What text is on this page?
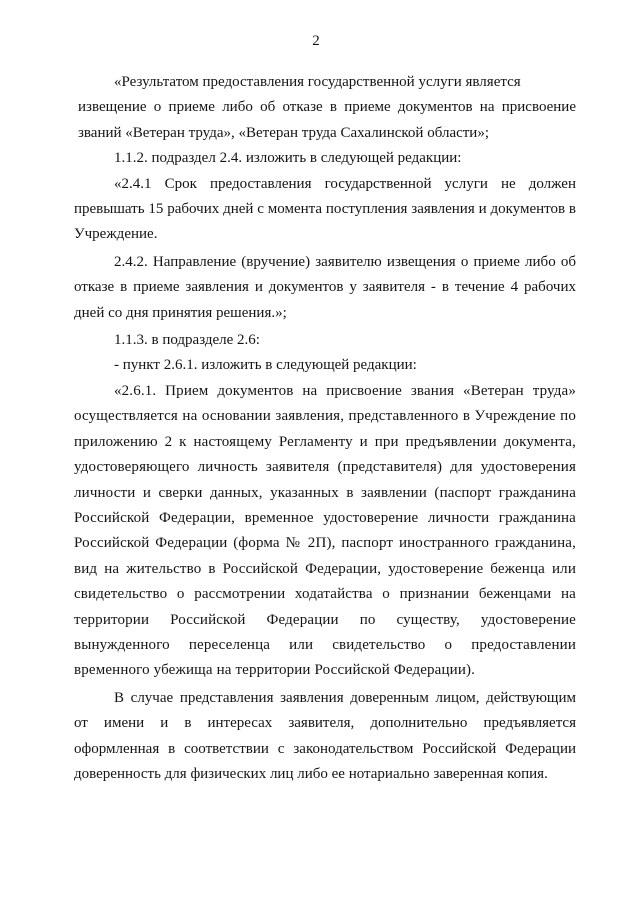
2

«Результатом предоставления государственной услуги является

извещение о приеме либо об отказе в приеме документов на присвоение званий «Ветеран труда», «Ветеран труда Сахалинской области»;

1.1.2. подраздел 2.4. изложить в следующей редакции:

«2.4.1 Срок предоставления государственной услуги не должен превышать 15 рабочих дней с момента поступления заявления и документов в Учреждение.

2.4.2. Направление (вручение) заявителю извещения о приеме либо об отказе в приеме заявления и документов у заявителя - в течение 4 рабочих дней со дня принятия решения.»;

1.1.3. в подразделе 2.6:

- пункт 2.6.1. изложить в следующей редакции:

«2.6.1. Прием документов на присвоение звания «Ветеран труда» осуществляется на основании заявления, представленного в Учреждение по приложению 2 к настоящему Регламенту и при предъявлении документа, удостоверяющего личность заявителя (представителя) для удостоверения личности и сверки данных, указанных в заявлении (паспорт гражданина Российской Федерации, временное удостоверение личности гражданина Российской Федерации (форма № 2П), паспорт иностранного гражданина, вид на жительство в Российской Федерации, удостоверение беженца или свидетельство о рассмотрении ходатайства о признании беженцами на территории Российской Федерации по существу, удостоверение вынужденного переселенца или свидетельство о предоставлении временного убежища на территории Российской Федерации).

В случае представления заявления доверенным лицом, действующим от имени и в интересах заявителя, дополнительно предъявляется оформленная в соответствии с законодательством Российской Федерации доверенность для физических лиц либо ее нотариально заверенная копия.
